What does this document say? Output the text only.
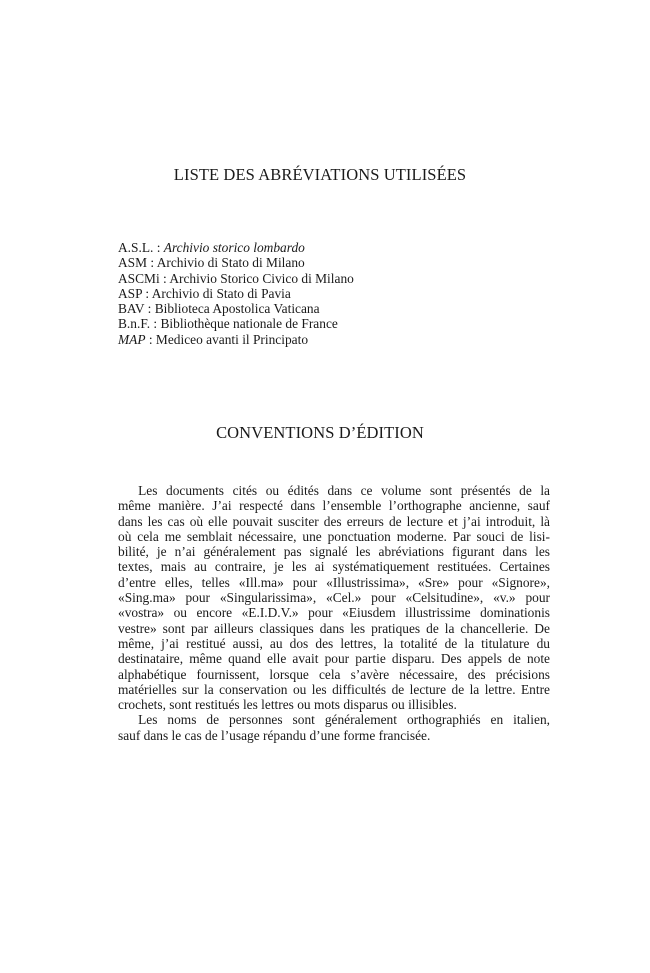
LISTE DES ABRÉVIATIONS UTILISÉES
A.S.L. : Archivio storico lombardo
ASM : Archivio di Stato di Milano
ASCMi : Archivio Storico Civico di Milano
ASP : Archivio di Stato di Pavia
BAV : Biblioteca Apostolica Vaticana
B.n.F. : Bibliothèque nationale de France
MAP : Mediceo avanti il Principato
CONVENTIONS D’ÉDITION

  Les documents cités ou édités dans ce volume sont présentés de la
même manière. J’ai respecté dans l’ensemble l’orthographe ancienne, sauf
dans les cas où elle pouvait susciter des erreurs de lecture et j’ai introduit, là
où cela me semblait nécessaire, une ponctuation moderne. Par souci de lisi-
bilité, je n’ai généralement pas signalé les abréviations figurant dans les
textes, mais au contraire, je les ai systématiquement restituées. Certaines
d’entre elles, telles «Ill.ma» pour «Illustrissima», «Sre» pour «Signore»,
«Sing.ma» pour «Singularissima», «Cel.» pour «Celsitudine», «v.» pour
«vostra» ou encore «E.I.D.V.» pour «Eiusdem illustrissime dominationis
vestre» sont par ailleurs classiques dans les pratiques de la chancellerie. De
même, j’ai restitué aussi, au dos des lettres, la totalité de la titulature du
destinataire, même quand elle avait pour partie disparu. Des appels de note
alphabétique fournissent, lorsque cela s’avère nécessaire, des précisions
matérielles sur la conservation ou les difficultés de lecture de la lettre. Entre
crochets, sont restitués les lettres ou mots disparus ou illisibles.

  Les noms de personnes sont généralement orthographiés en italien,
sauf dans le cas de l’usage répandu d’une forme francisée.
